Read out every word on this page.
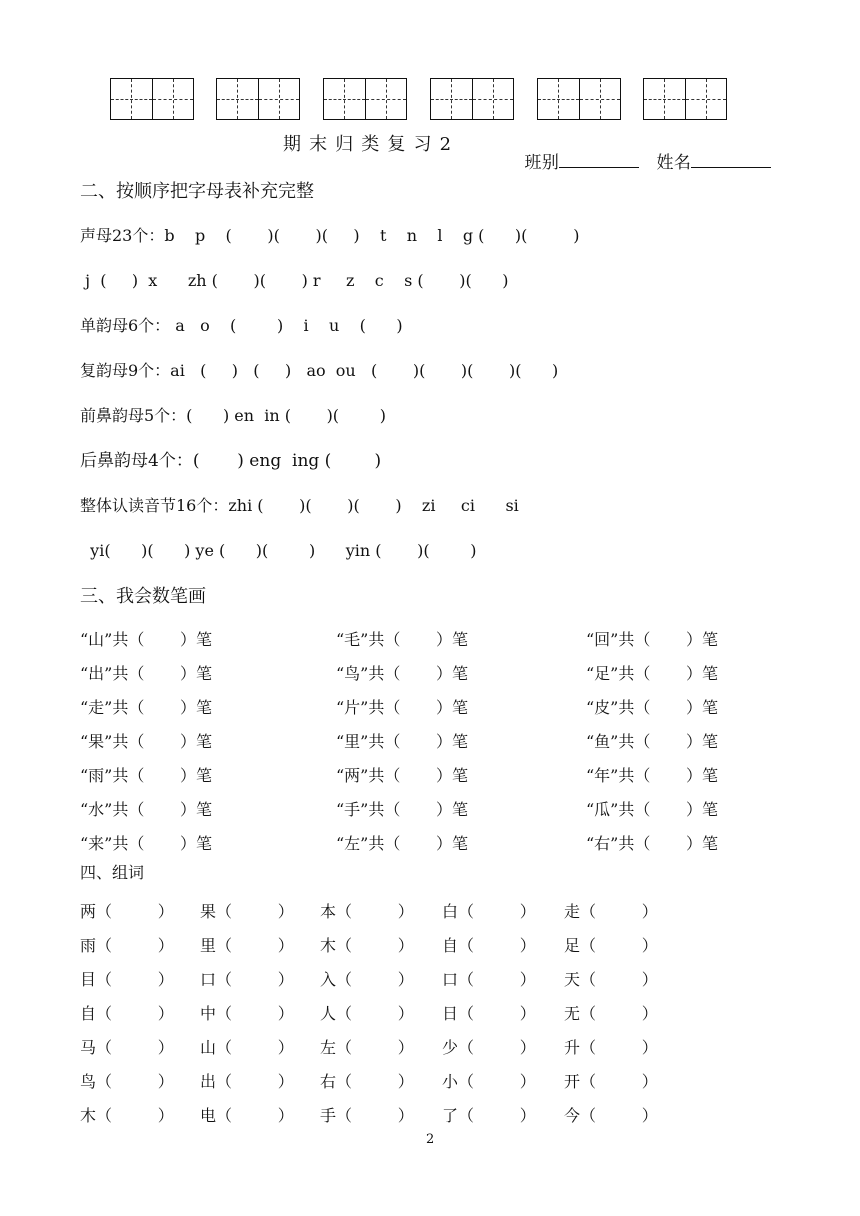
期末归类复习2

班别	姓名

二、按顺序把字母表补充完整
声母23个：b    p    (       )(       )(     )    t    n    l    g (      )(         )
j  (     )  x      zh (       )(       ) r     z    c    s (       )(      )
单韵母6个： a   o    (        )    i    u    (      )
复韵母9个：ai   (     )   (     )   ao  ou   (       )(       )(       )(      )
前鼻韵母5个：(      ) en  in (       )(        )
后鼻韵母4个：(       ) eng  ing (        )
整体认读音节16个：zhi (       )(       )(       )    zi     ci      si
yi(      )(      ) ye (      )(        )      yin (       )(        )
三、我会数笔画
“山”共（       ）笔	“毛”共（       ）笔	“回”共（       ）笔
“出”共（       ）笔	“鸟”共（       ）笔	“足”共（       ）笔
“走”共（       ）笔	“片”共（       ）笔	“皮”共（       ）笔
“果”共（       ）笔	“里”共（       ）笔	“鱼”共（       ）笔
“雨”共（       ）笔	“两”共（       ）笔	“年”共（       ）笔
“水”共（       ）笔	“手”共（       ）笔	“瓜”共（       ）笔
“来”共（       ）笔	“左”共（       ）笔	“右”共（       ）笔
四、组词
两（         ） 果（         ） 本（         ） 白（         ） 走（         ）
雨（         ） 里（         ） 木（         ） 自（         ） 足（         ）
目（         ） 口（         ） 入（         ） 口（         ） 天（         ）
自（         ） 中（         ） 人（         ） 日（         ） 无（         ）
马（         ） 山（         ） 左（         ） 少（         ） 升（         ）
鸟（         ） 出（         ） 右（         ） 小（         ） 开（         ）
木（         ） 电（         ） 手（         ） 了（         ） 今（         ）
2
